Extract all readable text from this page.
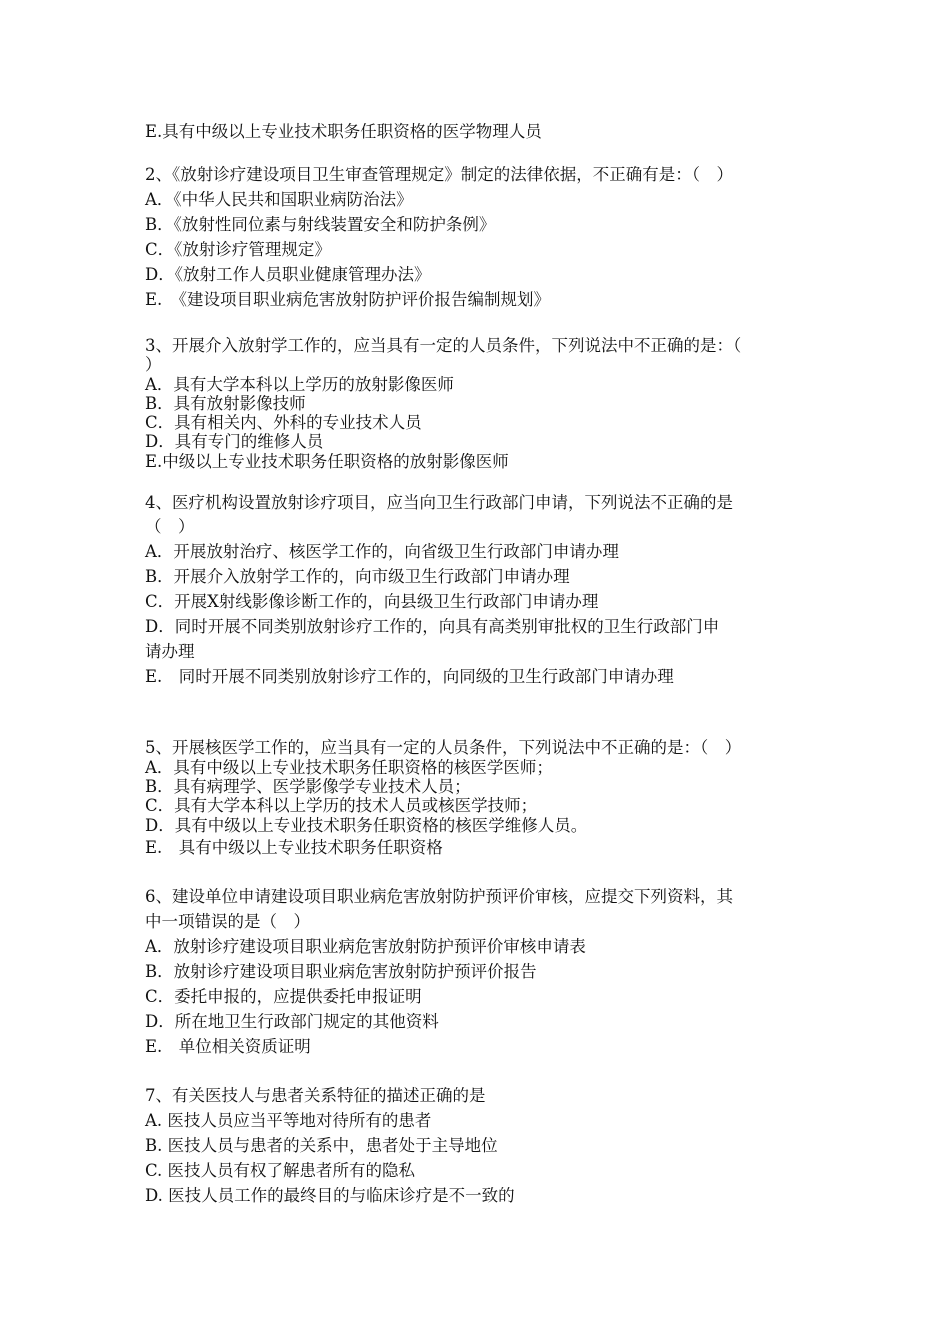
E.具有中级以上专业技术职务任职资格的医学物理人员
2、《放射诊疗建设项目卫生审查管理规定》制定的法律依据，不正确有是：（　）
A．《中华人民共和国职业病防治法》
B．《放射性同位素与射线装置安全和防护条例》
C．《放射诊疗管理规定》
D．《放射工作人员职业健康管理办法》
E.　《建设项目职业病危害放射防护评价报告编制规划》
3、开展介入放射学工作的，应当具有一定的人员条件，下列说法中不正确的是：（
）
A．具有大学本科以上学历的放射影像医师
B．具有放射影像技师
C．具有相关内、外科的专业技术人员
D．具有专门的维修人员
E.中级以上专业技术职务任职资格的放射影像医师
4、医疗机构设置放射诊疗项目，应当向卫生行政部门申请，下列说法不正确的是
（　）
A．开展放射治疗、核医学工作的，向省级卫生行政部门申请办理
B．开展介入放射学工作的，向市级卫生行政部门申请办理
C．开展X射线影像诊断工作的，向县级卫生行政部门申请办理
D．同时开展不同类别放射诊疗工作的，向具有高类别审批权的卫生行政部门申
请办理
E.　同时开展不同类别放射诊疗工作的，向同级的卫生行政部门申请办理
5、开展核医学工作的，应当具有一定的人员条件，下列说法中不正确的是：（　）
A．具有中级以上专业技术职务任职资格的核医学医师；
B．具有病理学、医学影像学专业技术人员；
C．具有大学本科以上学历的技术人员或核医学技师；
D．具有中级以上专业技术职务任职资格的核医学维修人员。
E.　具有中级以上专业技术职务任职资格
6、建设单位申请建设项目职业病危害放射防护预评价审核，应提交下列资料，其
中一项错误的是（　）
A．放射诊疗建设项目职业病危害放射防护预评价审核申请表
B．放射诊疗建设项目职业病危害放射防护预评价报告
C．委托申报的，应提供委托申报证明
D．所在地卫生行政部门规定的其他资料
E.　单位相关资质证明
7、有关医技人与患者关系特征的描述正确的是
A. 医技人员应当平等地对待所有的患者
B. 医技人员与患者的关系中，患者处于主导地位
C. 医技人员有权了解患者所有的隐私
D. 医技人员工作的最终目的与临床诊疗是不一致的
